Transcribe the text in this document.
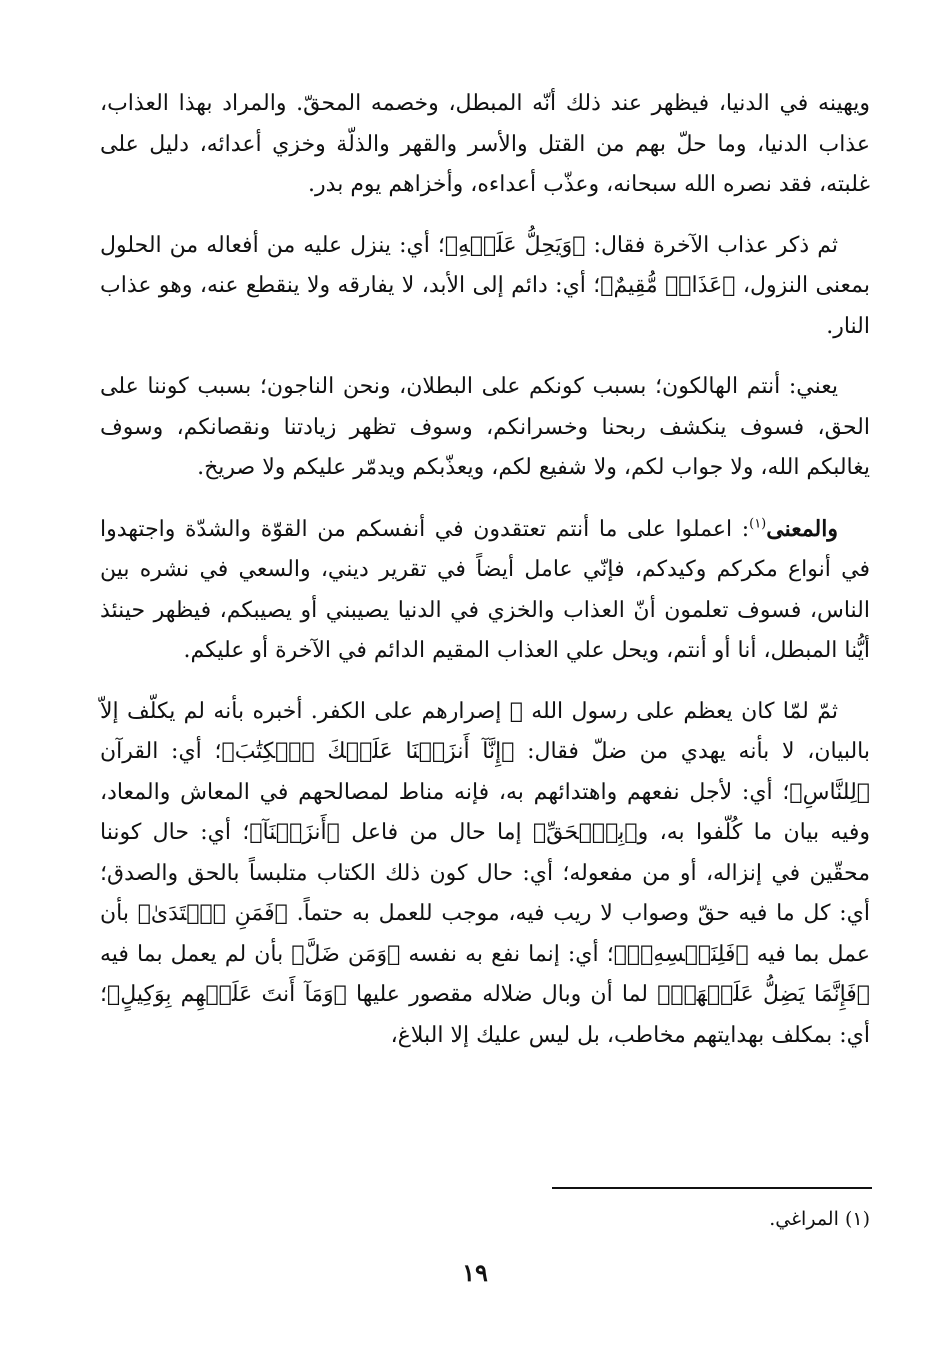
ويهينه في الدنيا، فيظهر عند ذلك أنّه المبطل، وخصمه المحقّ. والمراد بهذا العذاب، عذاب الدنيا، وما حلّ بهم من القتل والأسر والقهر والذلّة وخزي أعدائه، دليل على غلبته، فقد نصره الله سبحانه، وعذّب أعداءه، وأخزاهم يوم بدر.

ثم ذكر عذاب الآخرة فقال: ﴿وَيَحِلُّ عَلَيۡهِ﴾؛ أي: ينزل عليه من أفعاله من الحلول بمعنى النزول، ﴿عَذَابٞ مُّقِيمٌ﴾؛ أي: دائم إلى الأبد، لا يفارقه ولا ينقطع عنه، وهو عذاب النار.

يعني: أنتم الهالكون؛ بسبب كونكم على البطلان، ونحن الناجون؛ بسبب كوننا على الحق، فسوف ينكشف ربحنا وخسرانكم، وسوف تظهر زيادتنا ونقصانكم، وسوف يغالبكم الله، ولا جواب لكم، ولا شفيع لكم، ويعذّبكم ويدمّر عليكم ولا صريخ.

والمعنى$^{(١)}$: اعملوا على ما أنتم تعتقدون في أنفسكم من القوّة والشدّة واجتهدوا في أنواع مكركم وكيدكم، فإنّي عامل أيضاً في تقرير ديني، والسعي في نشره بين الناس، فسوف تعلمون أنّ العذاب والخزي في الدنيا يصيبني أو يصيبكم، فيظهر حينئذ أيُّنا المبطل، أنا أو أنتم، ويحل علي العذاب المقيم الدائم في الآخرة أو عليكم.

ثمّ لمّا كان يعظم على رسول الله ﷺ إصرارهم على الكفر. أخبره بأنه لم يكلّف إلاّ بالبيان، لا بأنه يهدي من ضلّ فقال: ﴿إِنَّآ أَنزَلۡنَا عَلَيۡكَ ٱلۡكِتَٰبَ﴾؛ أي: القرآن ﴿لِلنَّاسِ﴾؛ أي: لأجل نفعهم واهتدائهم به، فإنه مناط لمصالحهم في المعاش والمعاد، وفيه بيان ما كُلّفوا به، و﴿بِٱلۡحَقِّ﴾ إما حال من فاعل ﴿أَنزَلۡنَآ﴾؛ أي: حال كوننا محقّين في إنزاله، أو من مفعوله؛ أي: حال كون ذلك الكتاب متلبساً بالحق والصدق؛ أي: كل ما فيه حقّ وصواب لا ريب فيه، موجب للعمل به حتماً. ﴿فَمَنِ ٱهۡتَدَىٰ﴾ بأن عمل بما فيه ﴿فَلِنَفۡسِهِۦۖ﴾؛ أي: إنما نفع به نفسه ﴿وَمَن ضَلَّ﴾ بأن لم يعمل بما فيه ﴿فَإِنَّمَا يَضِلُّ عَلَيۡهَاۖ﴾ لما أن وبال ضلاله مقصور عليها ﴿وَمَآ أَنتَ عَلَيۡهِم بِوَكِيلٍ﴾؛ أي: بمكلف بهدايتهم مخاطب، بل ليس عليك إلا البلاغ،

(١) المراغي.
١٩
